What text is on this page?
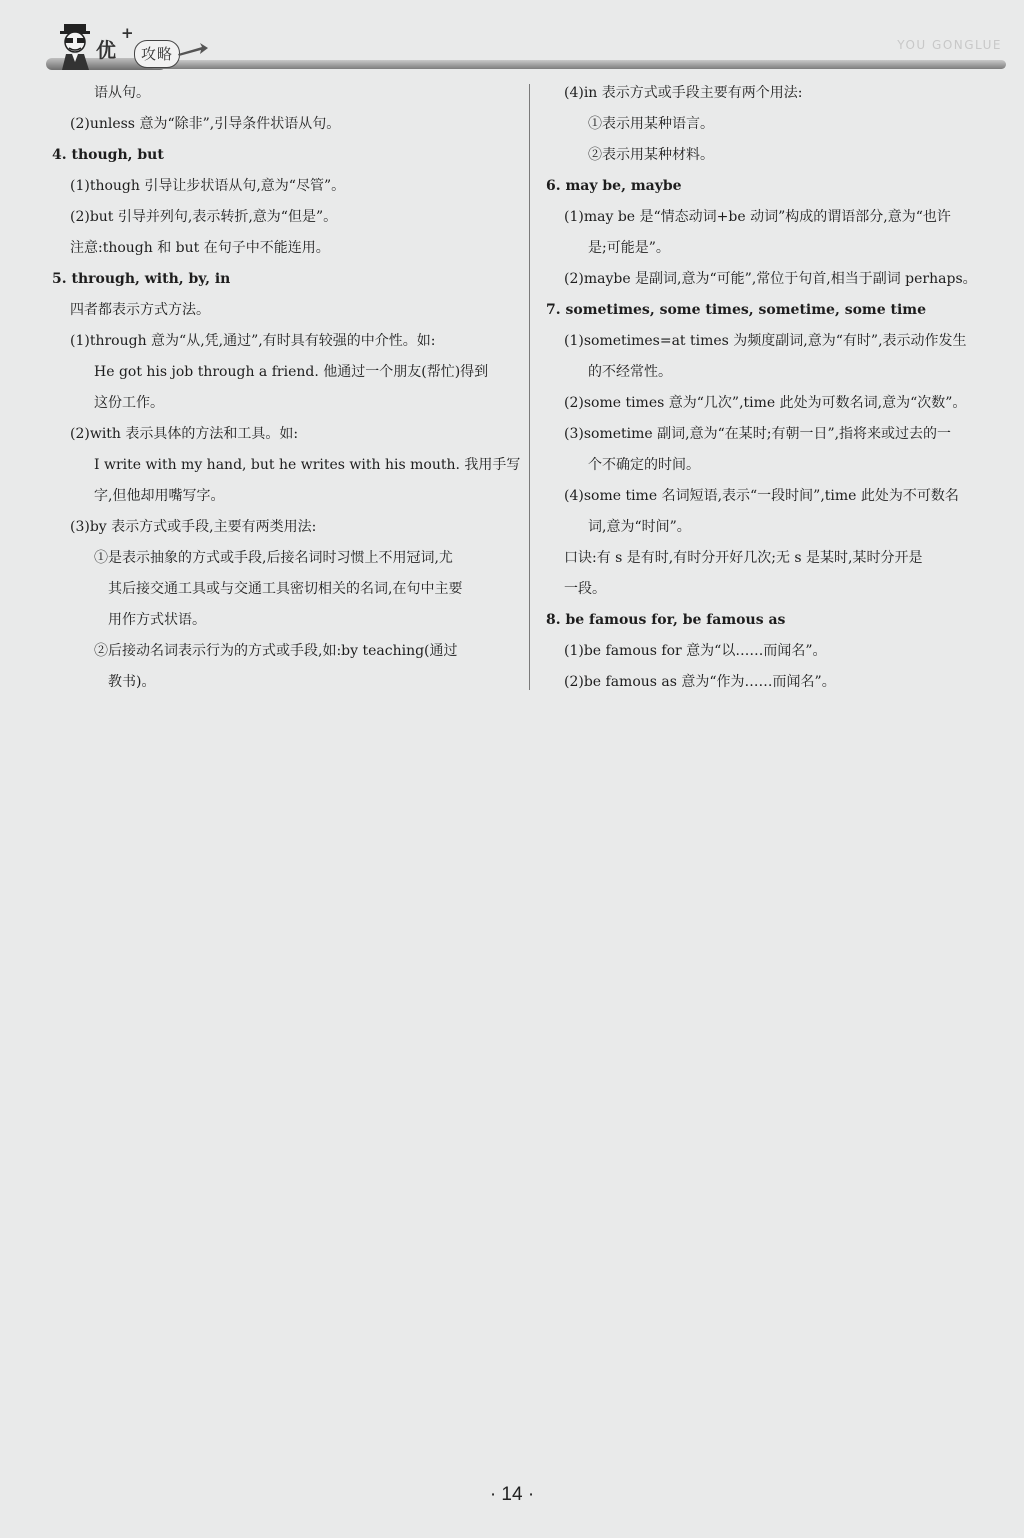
优
+
攻略	YOU GONGLUE
语从句。
(2)unless 意为“除非”,引导条件状语从句。
4. though, but
(1)though 引导让步状语从句,意为“尽管”。
(2)but 引导并列句,表示转折,意为“但是”。
注意:though 和 but 在句子中不能连用。
5. through, with, by, in
四者都表示方式方法。
(1)through 意为“从,凭,通过”,有时具有较强的中介性。如:
He got his job through a friend. 他通过一个朋友(帮忙)得到
这份工作。
(2)with 表示具体的方法和工具。如:
I write with my hand, but he writes with his mouth. 我用手写
字,但他却用嘴写字。
(3)by 表示方式或手段,主要有两类用法:
①是表示抽象的方式或手段,后接名词时习惯上不用冠词,尤
其后接交通工具或与交通工具密切相关的名词,在句中主要
用作方式状语。
②后接动名词表示行为的方式或手段,如:by teaching(通过
教书)。
(4)in 表示方式或手段主要有两个用法:
①表示用某种语言。
②表示用某种材料。
6. may be, maybe
(1)may be 是“情态动词+be 动词”构成的谓语部分,意为“也许
是;可能是”。
(2)maybe 是副词,意为“可能”,常位于句首,相当于副词 perhaps。
7. sometimes, some times, sometime, some time
(1)sometimes=at times 为频度副词,意为“有时”,表示动作发生
的不经常性。
(2)some times 意为“几次”,time 此处为可数名词,意为“次数”。
(3)sometime 副词,意为“在某时;有朝一日”,指将来或过去的一
个不确定的时间。
(4)some time 名词短语,表示“一段时间”,time 此处为不可数名
词,意为“时间”。
口诀:有 s 是有时,有时分开好几次;无 s 是某时,某时分开是
一段。
8. be famous for, be famous as
(1)be famous for 意为“以……而闻名”。
(2)be famous as 意为“作为……而闻名”。
· 14 ·
